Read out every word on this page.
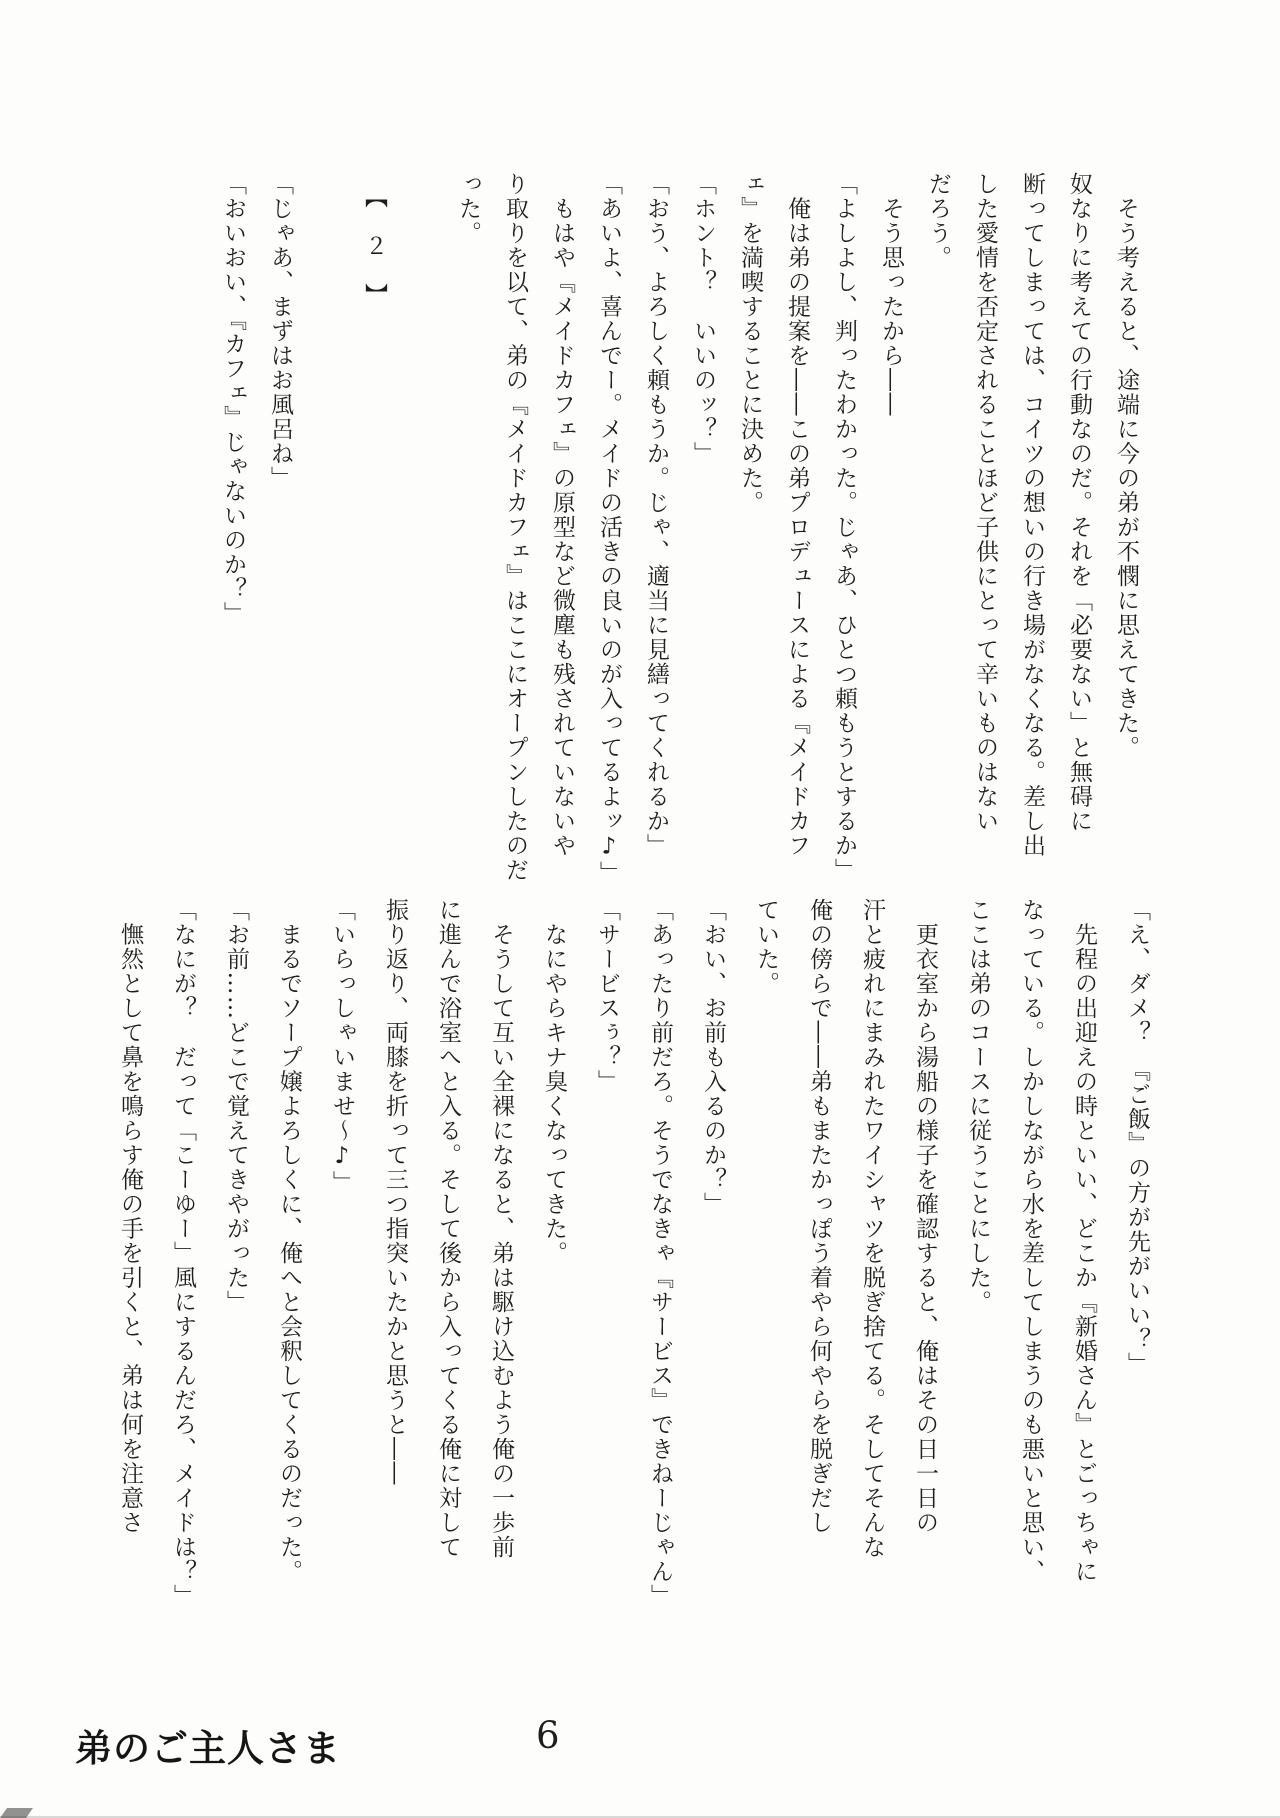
　そう考えると、途端に今の弟が不憫に思えてきた。

奴なりに考えての行動なのだ。それを「必要ない」と無碍に

断ってしまっては、コイツの想いの行き場がなくなる。差し出

した愛情を否定されることほど子供にとって辛いものはない

だろう。

　そう思ったから――

「よしよし、判ったわかった。じゃあ、ひとつ頼もうとするか」

　俺は弟の提案を――この弟プロデュースによる『メイドカフ

ェ』を満喫することに決めた。

「ホント？　いいのッ？」

「おう、よろしく頼もうか。じゃ、適当に見繕ってくれるか」

「あいよ、喜んでー。メイドの活きの良いのが入ってるよッ♪」

　もはや『メイドカフェ』の原型など微塵も残されていないや

り取りを以て、弟の『メイドカフェ』はここにオープンしたのだ

った。

　【　２　】

「じゃあ、まずはお風呂ね」

「おいおい、『カフェ』じゃないのか？」

「え、ダメ？　『ご飯』の方が先がいい？」

　先程の出迎えの時といい、どこか『新婚さん』とごっちゃに

なっている。しかしながら水を差してしまうのも悪いと思い、

ここは弟のコースに従うことにした。

　更衣室から湯船の様子を確認すると、俺はその日一日の

汗と疲れにまみれたワイシャツを脱ぎ捨てる。そしてそんな

俺の傍らで――弟もまたかっぽう着やら何やらを脱ぎだし

ていた。

「おい、お前も入るのか？」

「あったり前だろ。そうでなきゃ『サービス』できねーじゃん」

「サービスぅ？」

　なにやらキナ臭くなってきた。

　そうして互い全裸になると、弟は駆け込むよう俺の一歩前

に進んで浴室へと入る。そして後から入ってくる俺に対して

振り返り、両膝を折って三つ指突いたかと思うと――

「いらっしゃいませ～♪」

　まるでソープ嬢よろしくに、俺へと会釈してくるのだった。

「お前……どこで覚えてきやがった」

「なにが？　だって「こーゆー」風にするんだろ、メイドは？」

　憮然として鼻を鳴らす俺の手を引くと、弟は何を注意さ

弟のご主人さま	6
